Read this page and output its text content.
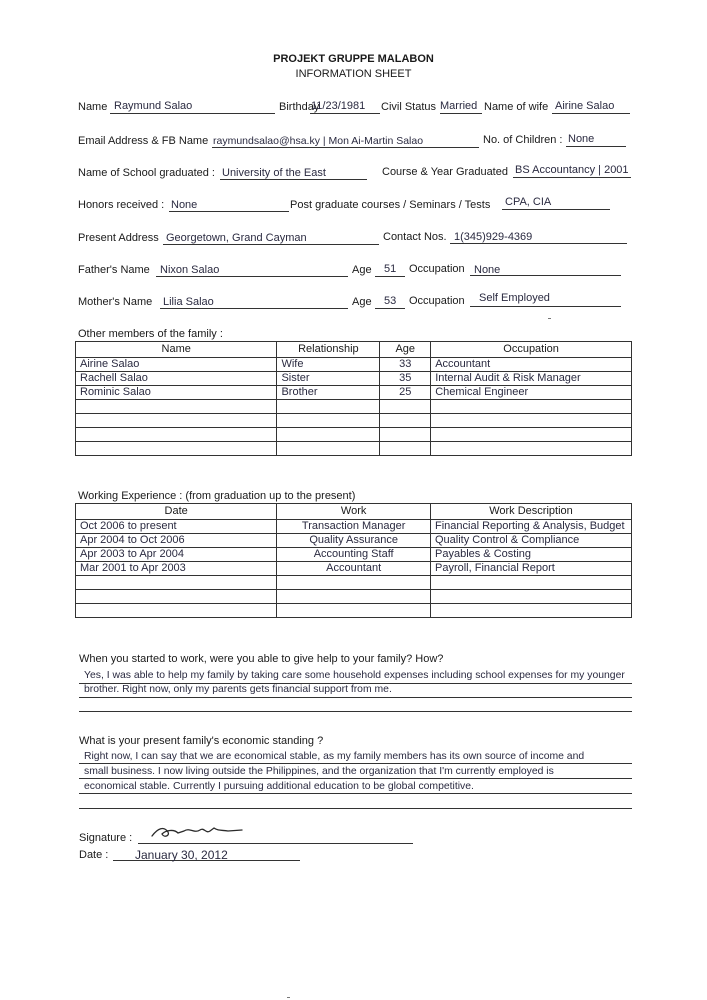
PROJEKT GRUPPE MALABON
INFORMATION SHEET
Name Raymund Salao	Birthday
11/23/1981 Civil Status Married Name of wife Airine Salao
Email Address & FB Name raymundsalao@hsa.ky | Mon Ai-Martin Salao	No. of Children : None
Name of School graduated : University of the East	Course & Year Graduated BS Accountancy | 2001
Honors received : None	Post graduate courses / Seminars / Tests CPA, CIA
Present Address Georgetown, Grand Cayman	Contact Nos. 1(345)929-4369
Father's Name Nixon Salao	Age 51 Occupation None
Mother's Name Lilia Salao	Age 53 Occupation Self Employed
Other members of the family :
Name	Relationship	Age	Occupation
Airine Salao	Wife	33	Accountant
Rachell Salao	Sister	35	Internal Audit & Risk Manager
Rominic Salao	Brother	25	Chemical Engineer

Working Experience : (from graduation up to the present)
Date	Work	Work Description
Oct 2006 to present	Transaction Manager	Financial Reporting & Analysis, Budget
Apr 2004 to Oct 2006	Quality Assurance	Quality Control & Compliance
Apr 2003 to Apr 2004	Accounting Staff	Payables & Costing
Mar 2001 to Apr 2003	Accountant	Payroll, Financial Report

When you started to work, were you able to give help to your family? How?
Yes, I was able to help my family by taking care some household expenses including school expenses for my younger
brother. Right now, only my parents gets financial support from me.
What is your present family's economic standing ?
Right now, I can say that we are economical stable, as my family members has its own source of income and
small business. I now living outside the Philippines, and the organization that I'm currently employed is
economical stable. Currently I pursuing additional education to be global competitive.
Signature :
Date : January 30, 2012
